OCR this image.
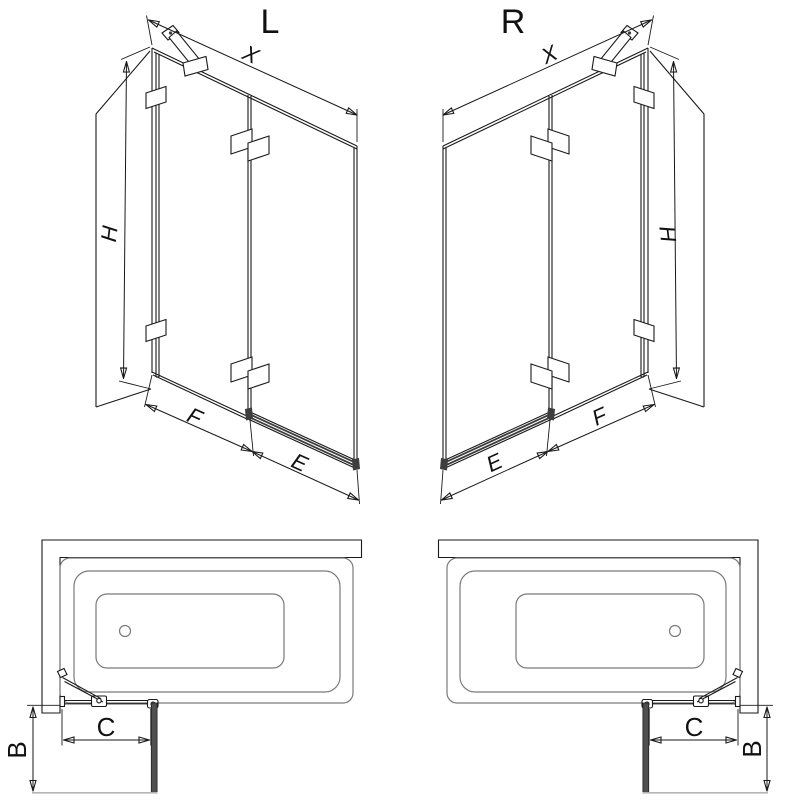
L	R
X
H
F
E
X
H
E
F
C
B
C
B
